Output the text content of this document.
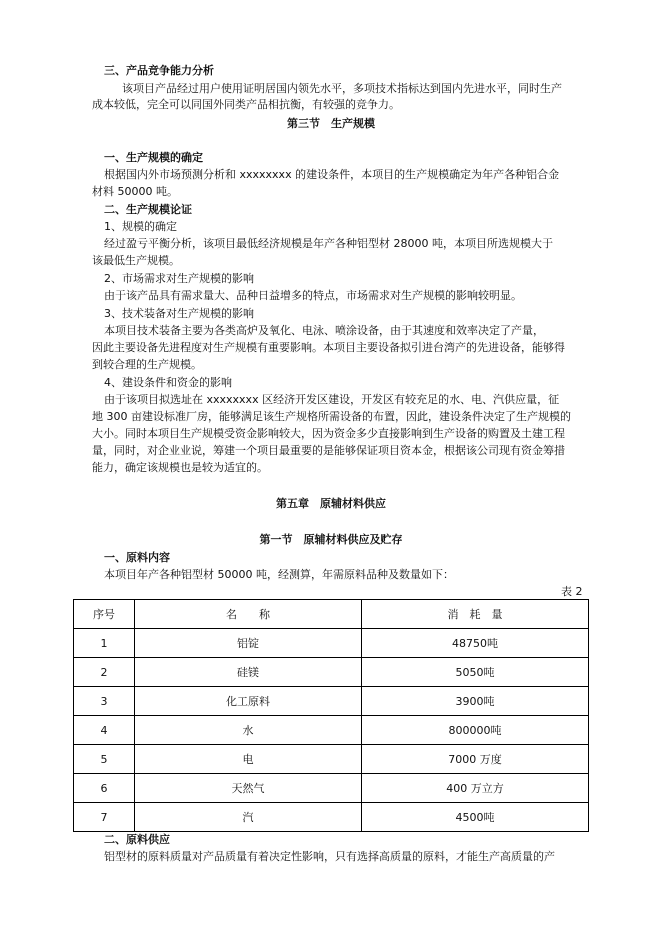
三、产品竞争能力分析
该项目产品经过用户使用证明居国内领先水平，多项技术指标达到国内先进水平，同时生产
成本较低，完全可以同国外同类产品相抗衡，有较强的竞争力。
第三节　生产规模
一、生产规模的确定
根据国内外市场预测分析和 xxxxxxxx 的建设条件，本项目的生产规模确定为年产各种铝合金
材料 50000 吨。
二、生产规模论证
1、规模的确定
经过盈亏平衡分析，该项目最低经济规模是年产各种铝型材 28000 吨，本项目所选规模大于
该最低生产规模。
2、市场需求对生产规模的影响
由于该产品具有需求量大、品种日益增多的特点，市场需求对生产规模的影响较明显。
3、技术装备对生产规模的影响
本项目技术装备主要为各类高炉及氧化、电泳、喷涂设备，由于其速度和效率决定了产量，
因此主要设备先进程度对生产规模有重要影响。本项目主要设备拟引进台湾产的先进设备，能够得
到较合理的生产规模。
4、建设条件和资金的影响
由于该项目拟选址在 xxxxxxxx 区经济开发区建设，开发区有较充足的水、电、汽供应量，征
地 300 亩建设标准厂房，能够满足该生产规格所需设备的布置，因此，建设条件决定了生产规模的
大小。同时本项目生产规模受资金影响较大，因为资金多少直接影响到生产设备的购置及土建工程
量，同时，对企业业说，筹建一个项目最重要的是能够保证项目资本金，根据该公司现有资金筹措
能力，确定该规模也是较为适宜的。
第五章　原辅材料供应
第一节　原辅材料供应及贮存
一、原料内容
本项目年产各种铝型材 50000 吨，经测算，年需原料品种及数量如下：
表 2
序号	名　　称	消　耗　量
1	铝锭	48750吨
2	硅镁	5050吨
3	化工原料	3900吨
4	水	800000吨
5	电	7000 万度
6	天然气	400 万立方
7	汽	4500吨
二、原料供应
铝型材的原料质量对产品质量有着决定性影响，只有选择高质量的原料，才能生产高质量的产
